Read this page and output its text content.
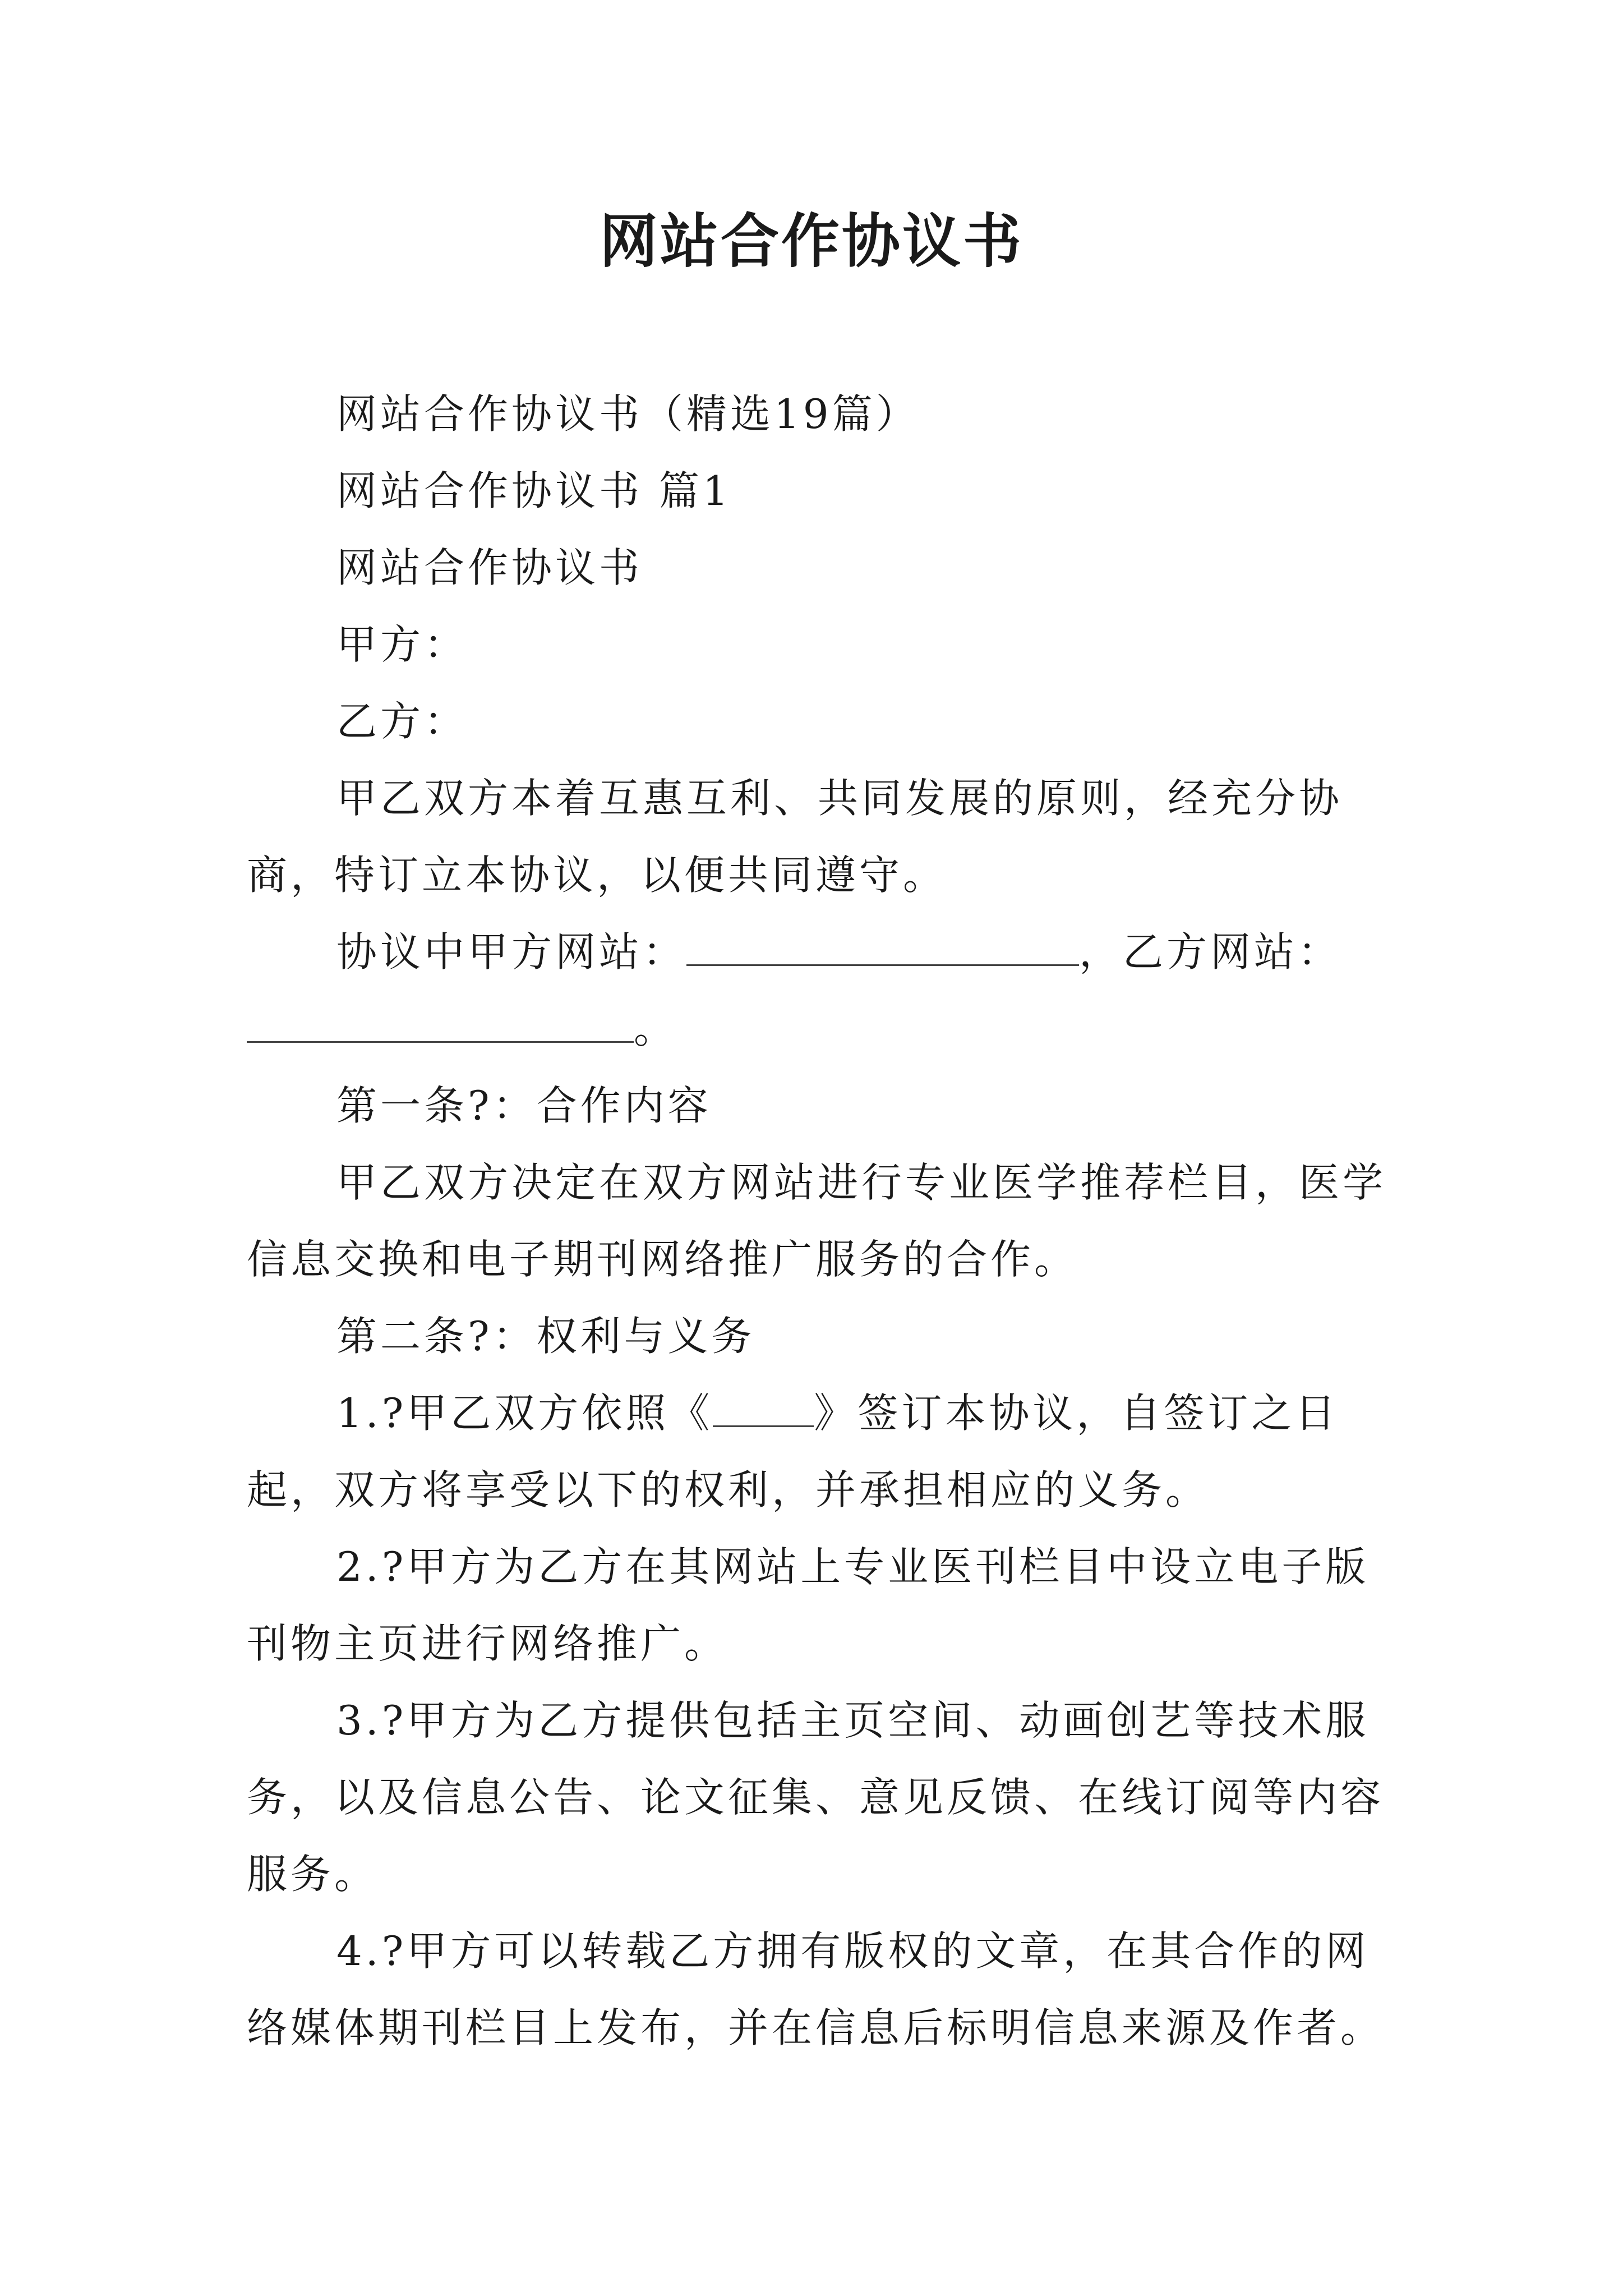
网站合作协议书

网站合作协议书（精选19篇）

网站合作协议书 篇1

网站合作协议书

甲方：

乙方：

甲乙双方本着互惠互利、共同发展的原则，经充分协商，特订立本协议，以便共同遵守。

协议中甲方网站：	，乙方网站：。

第一条?：合作内容

甲乙双方决定在双方网站进行专业医学推荐栏目，医学信息交换和电子期刊网络推广服务的合作。

第二条?：权利与义务

1.?甲乙双方依照《	》签订本协议，自签订之日起，双方将享受以下的权利，并承担相应的义务。

2.?甲方为乙方在其网站上专业医刊栏目中设立电子版刊物主页进行网络推广。

3.?甲方为乙方提供包括主页空间、动画创艺等技术服务，以及信息公告、论文征集、意见反馈、在线订阅等内容服务。

4.?甲方可以转载乙方拥有版权的文章，在其合作的网络媒体期刊栏目上发布，并在信息后标明信息来源及作者。
